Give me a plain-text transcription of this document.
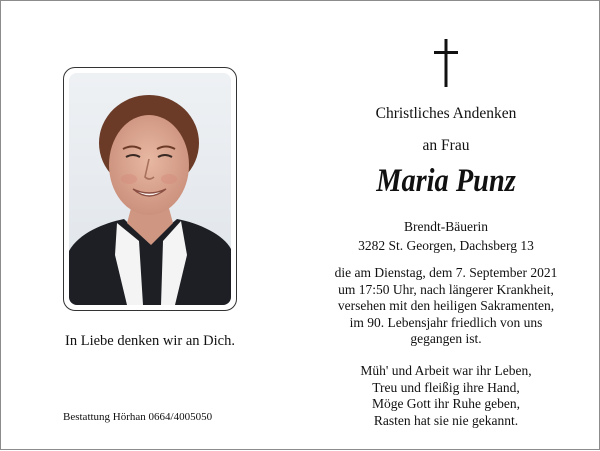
In Liebe denken wir an Dich.
Bestattung Hörhan 0664/4005050
Christliches Andenken
an Frau
Maria Punz
Brendt-Bäuerin
3282 St. Georgen, Dachsberg 13
die am Dienstag, dem 7. September 2021
um 17:50 Uhr, nach längerer Krankheit,
versehen mit den heiligen Sakramenten,
im 90. Lebensjahr friedlich von uns
gegangen ist.
Müh' und Arbeit war ihr Leben,
Treu und fleißig ihre Hand,
Möge Gott ihr Ruhe geben,
Rasten hat sie nie gekannt.
